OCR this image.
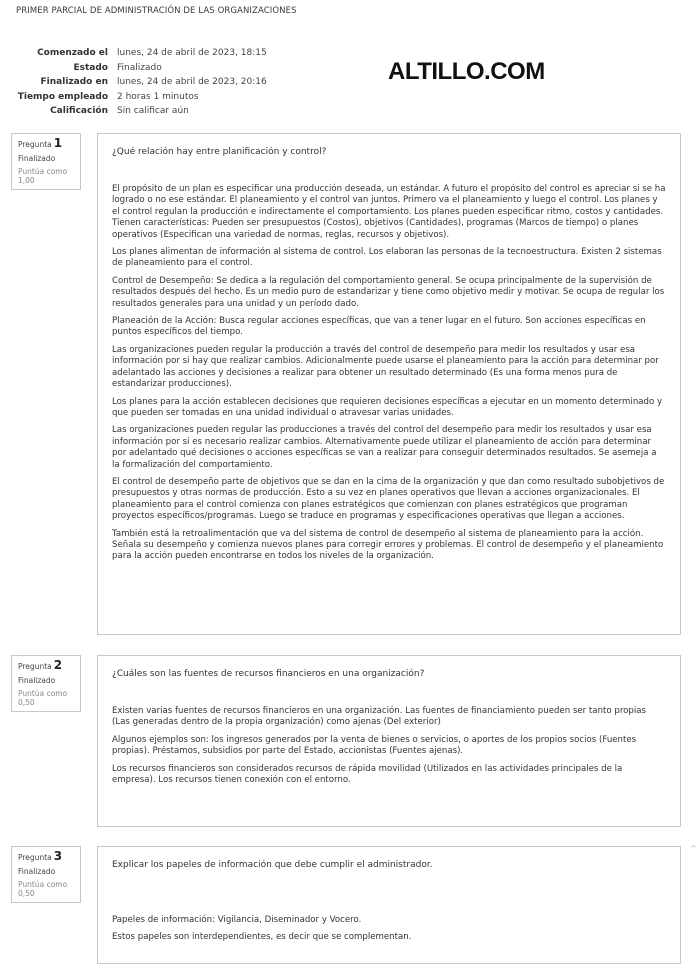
PRIMER PARCIAL DE ADMINISTRACIÓN DE LAS ORGANIZACIONES
Comenzado el lunes, 24 de abril de 2023, 18:15
Estado Finalizado
Finalizado en lunes, 24 de abril de 2023, 20:16
Tiempo empleado 2 horas 1 minutos
Calificación Sin calificar aún
ALTILLO.COM
Pregunta 1
Finalizado
Puntúa como 1,00
¿Qué relación hay entre planificación y control?

El propósito de un plan es especificar una producción deseada, un estándar. A futuro el propósito del control es apreciar si se ha logrado o no ese estándar. El planeamiento y el control van juntos. Primero va el planeamiento y luego el control. Los planes y el control regulan la producción e indirectamente el comportamiento. Los planes pueden especificar ritmo, costos y cantidades. Tienen características: Pueden ser presupuestos (Costos), objetivos (Cantidades), programas (Marcos de tiempo) o planes operativos (Especifican una variedad de normas, reglas, recursos y objetivos).

Los planes alimentan de información al sistema de control. Los elaboran las personas de la tecnoestructura. Existen 2 sistemas de planeamiento para el control.

Control de Desempeño: Se dedica a la regulación del comportamiento general. Se ocupa principalmente de la supervisión de resultados después del hecho. Es un medio puro de estandarizar y tiene como objetivo medir y motivar. Se ocupa de regular los resultados generales para una unidad y un período dado.

Planeación de la Acción: Busca regular acciones específicas, que van a tener lugar en el futuro. Son acciones específicas en puntos específicos del tiempo.

Las organizaciones pueden regular la producción a través del control de desempeño para medir los resultados y usar esa información por si hay que realizar cambios. Adicionalmente puede usarse el planeamiento para la acción para determinar por adelantado las acciones y decisiones a realizar para obtener un resultado determinado (Es una forma menos pura de estandarizar producciones).

Los planes para la acción establecen decisiones que requieren decisiones específicas a ejecutar en un momento determinado y que pueden ser tomadas en una unidad individual o atravesar varias unidades.

Las organizaciones pueden regular las producciones a través del control del desempeño para medir los resultados y usar esa información por si es necesario realizar cambios. Alternativamente puede utilizar el planeamiento de acción para determinar por adelantado qué decisiones o acciones específicas se van a realizar para conseguir determinados resultados. Se asemeja a la formalización del comportamiento.

El control de desempeño parte de objetivos que se dan en la cima de la organización y que dan como resultado subobjetivos de presupuestos y otras normas de producción. Esto a su vez en planes operativos que llevan a acciones organizacionales. El planeamiento para el control comienza con planes estratégicos que comienzan con planes estratégicos que programan proyectos específicos/programas. Luego se traduce en programas y especificaciones operativas que llegan a acciones.

También está la retroalimentación que va del sistema de control de desempeño al sistema de planeamiento para la acción. Señala su desempeño y comienza nuevos planes para corregir errores y problemas. El control de desempeño y el planeamiento para la acción pueden encontrarse en todos los niveles de la organización.

Pregunta 2
Finalizado
Puntúa como 0,50
¿Cuáles son las fuentes de recursos financieros en una organización?

Existen varias fuentes de recursos financieros en una organización. Las fuentes de financiamiento pueden ser tanto propias (Las generadas dentro de la propia organización) como ajenas (Del exterior)

Algunos ejemplos son: los ingresos generados por la venta de bienes o servicios, o aportes de los propios socios (Fuentes propias). Préstamos, subsidios por parte del Estado, accionistas (Fuentes ajenas).

Los recursos financieros son considerados recursos de rápida movilidad (Utilizados en las actividades principales de la empresa). Los recursos tienen conexión con el entorno.

Pregunta 3
Finalizado
Puntúa como 0,50
Explicar los papeles de información que debe cumplir el administrador.

Papeles de información: Vigilancia, Diseminador y Vocero.

Estos papeles son interdependientes, es decir que se complementan.

^
